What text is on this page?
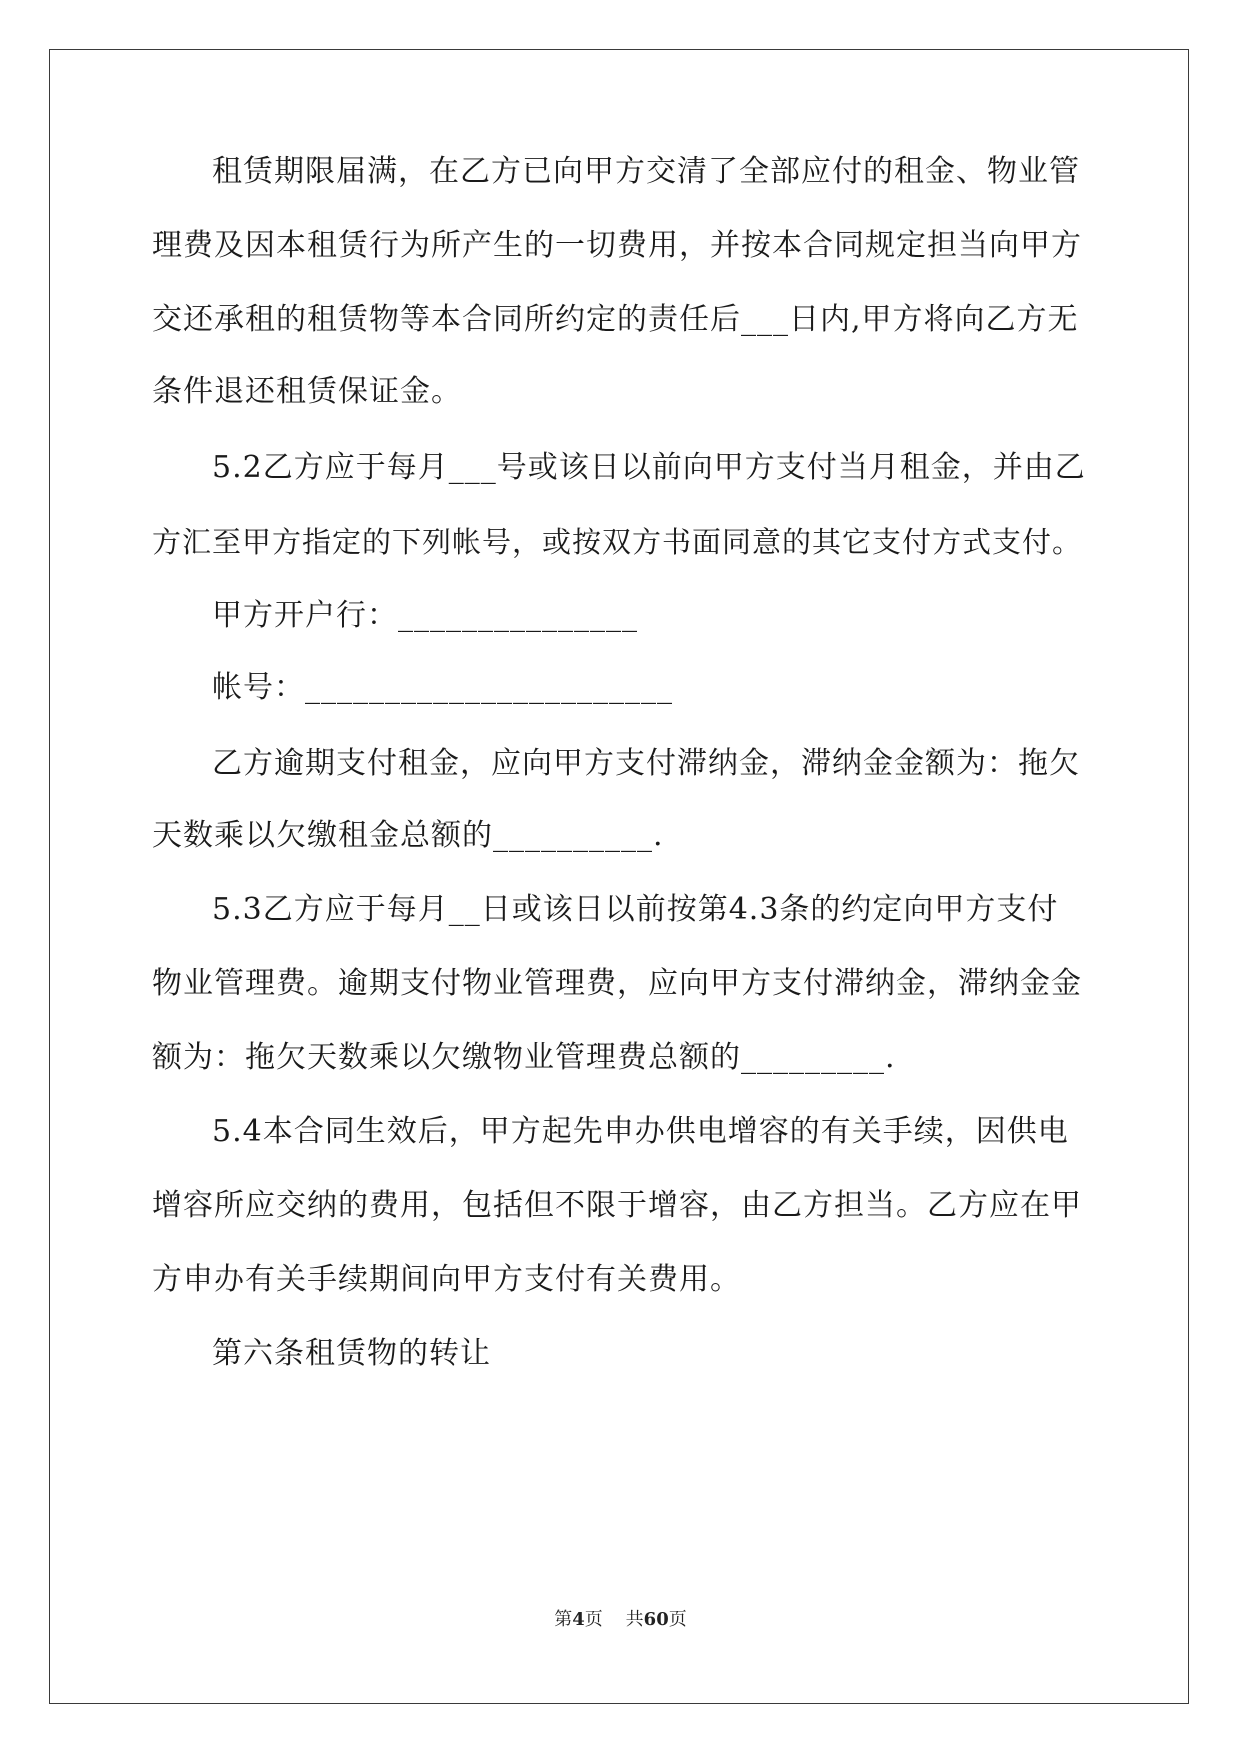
租赁期限届满，在乙方已向甲方交清了全部应付的租金、物业管
理费及因本租赁行为所产生的一切费用，并按本合同规定担当向甲方
交还承租的租赁物等本合同所约定的责任后___日内,甲方将向乙方无
条件退还租赁保证金。
5.2乙方应于每月___号或该日以前向甲方支付当月租金，并由乙
方汇至甲方指定的下列帐号，或按双方书面同意的其它支付方式支付。
甲方开户行：_______________
帐号：_______________________
乙方逾期支付租金，应向甲方支付滞纳金，滞纳金金额为：拖欠
天数乘以欠缴租金总额的__________.
5.3乙方应于每月__日或该日以前按第4.3条的约定向甲方支付
物业管理费。逾期支付物业管理费，应向甲方支付滞纳金，滞纳金金
额为：拖欠天数乘以欠缴物业管理费总额的_________.
5.4本合同生效后，甲方起先申办供电增容的有关手续，因供电
增容所应交纳的费用，包括但不限于增容，由乙方担当。乙方应在甲
方申办有关手续期间向甲方支付有关费用。
第六条租赁物的转让
第4页 共60页
